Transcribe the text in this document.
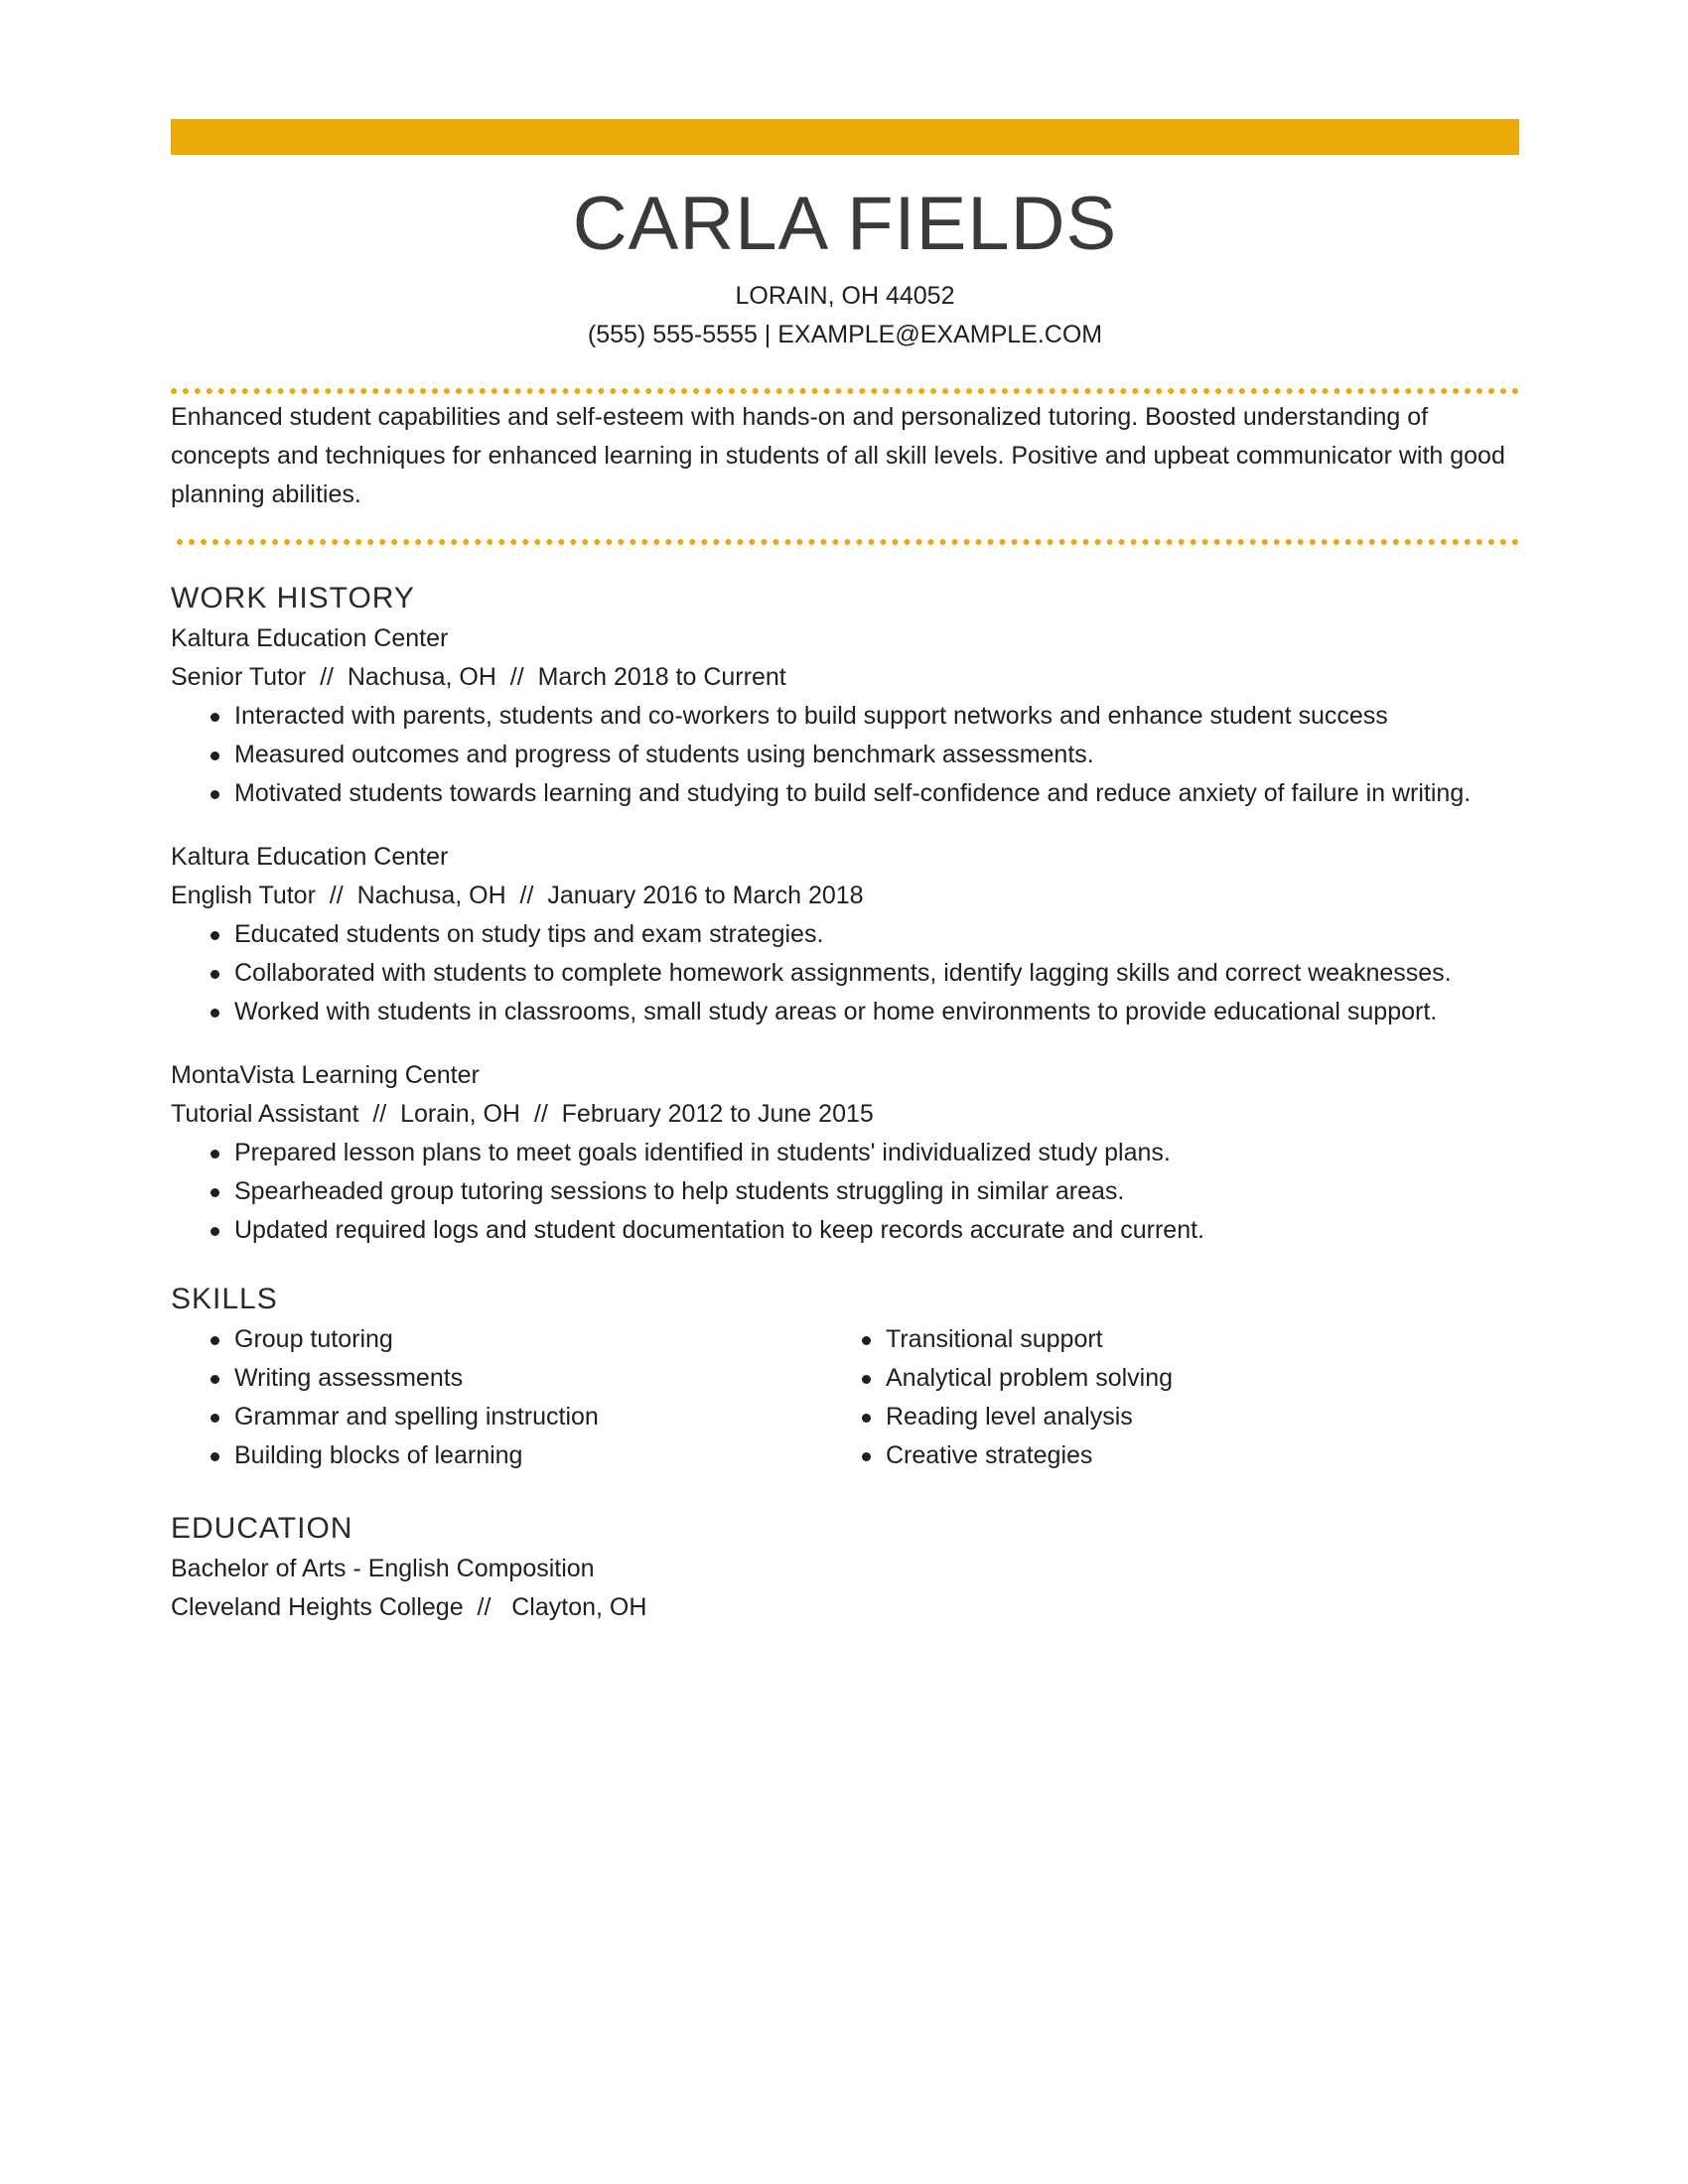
CARLA FIELDS
LORAIN, OH 44052
(555) 555-5555 | EXAMPLE@EXAMPLE.COM
Enhanced student capabilities and self-esteem with hands-on and personalized tutoring. Boosted understanding of concepts and techniques for enhanced learning in students of all skill levels. Positive and upbeat communicator with good planning abilities.
WORK HISTORY
Kaltura Education Center
Senior Tutor  //  Nachusa, OH  //  March 2018 to Current
Interacted with parents, students and co-workers to build support networks and enhance student success
Measured outcomes and progress of students using benchmark assessments.
Motivated students towards learning and studying to build self-confidence and reduce anxiety of failure in writing.
Kaltura Education Center
English Tutor  //  Nachusa, OH  //  January 2016 to March 2018
Educated students on study tips and exam strategies.
Collaborated with students to complete homework assignments, identify lagging skills and correct weaknesses.
Worked with students in classrooms, small study areas or home environments to provide educational support.
MontaVista Learning Center
Tutorial Assistant  //  Lorain, OH  //  February 2012 to June 2015
Prepared lesson plans to meet goals identified in students' individualized study plans.
Spearheaded group tutoring sessions to help students struggling in similar areas.
Updated required logs and student documentation to keep records accurate and current.
SKILLS
Group tutoring
Writing assessments
Grammar and spelling instruction
Building blocks of learning
Transitional support
Analytical problem solving
Reading level analysis
Creative strategies
EDUCATION
Bachelor of Arts - English Composition
Cleveland Heights College  //   Clayton, OH
